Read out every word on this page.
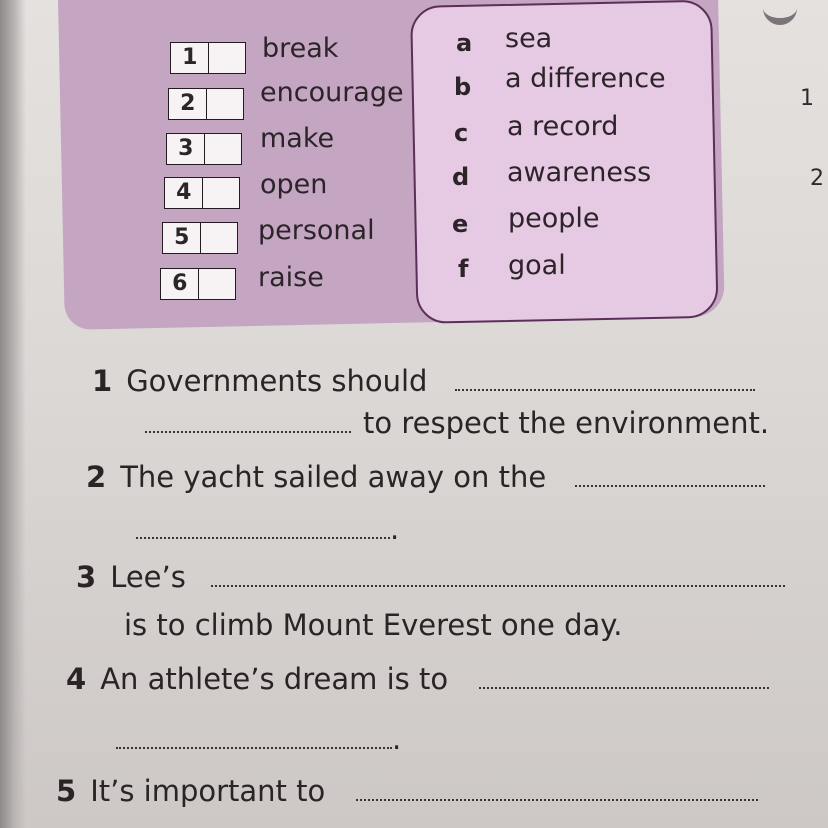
1	break
2	encourage
3	make
4	open
5	personal
6	raise
a sea
b a difference
c a record
d awareness
e people
f goal
1
2
1 Governments should
to respect the environment.
2 The yacht sailed away on the
.
3 Lee’s
is to climb Mount Everest one day.
4 An athlete’s dream is to
.
5 It’s important to
